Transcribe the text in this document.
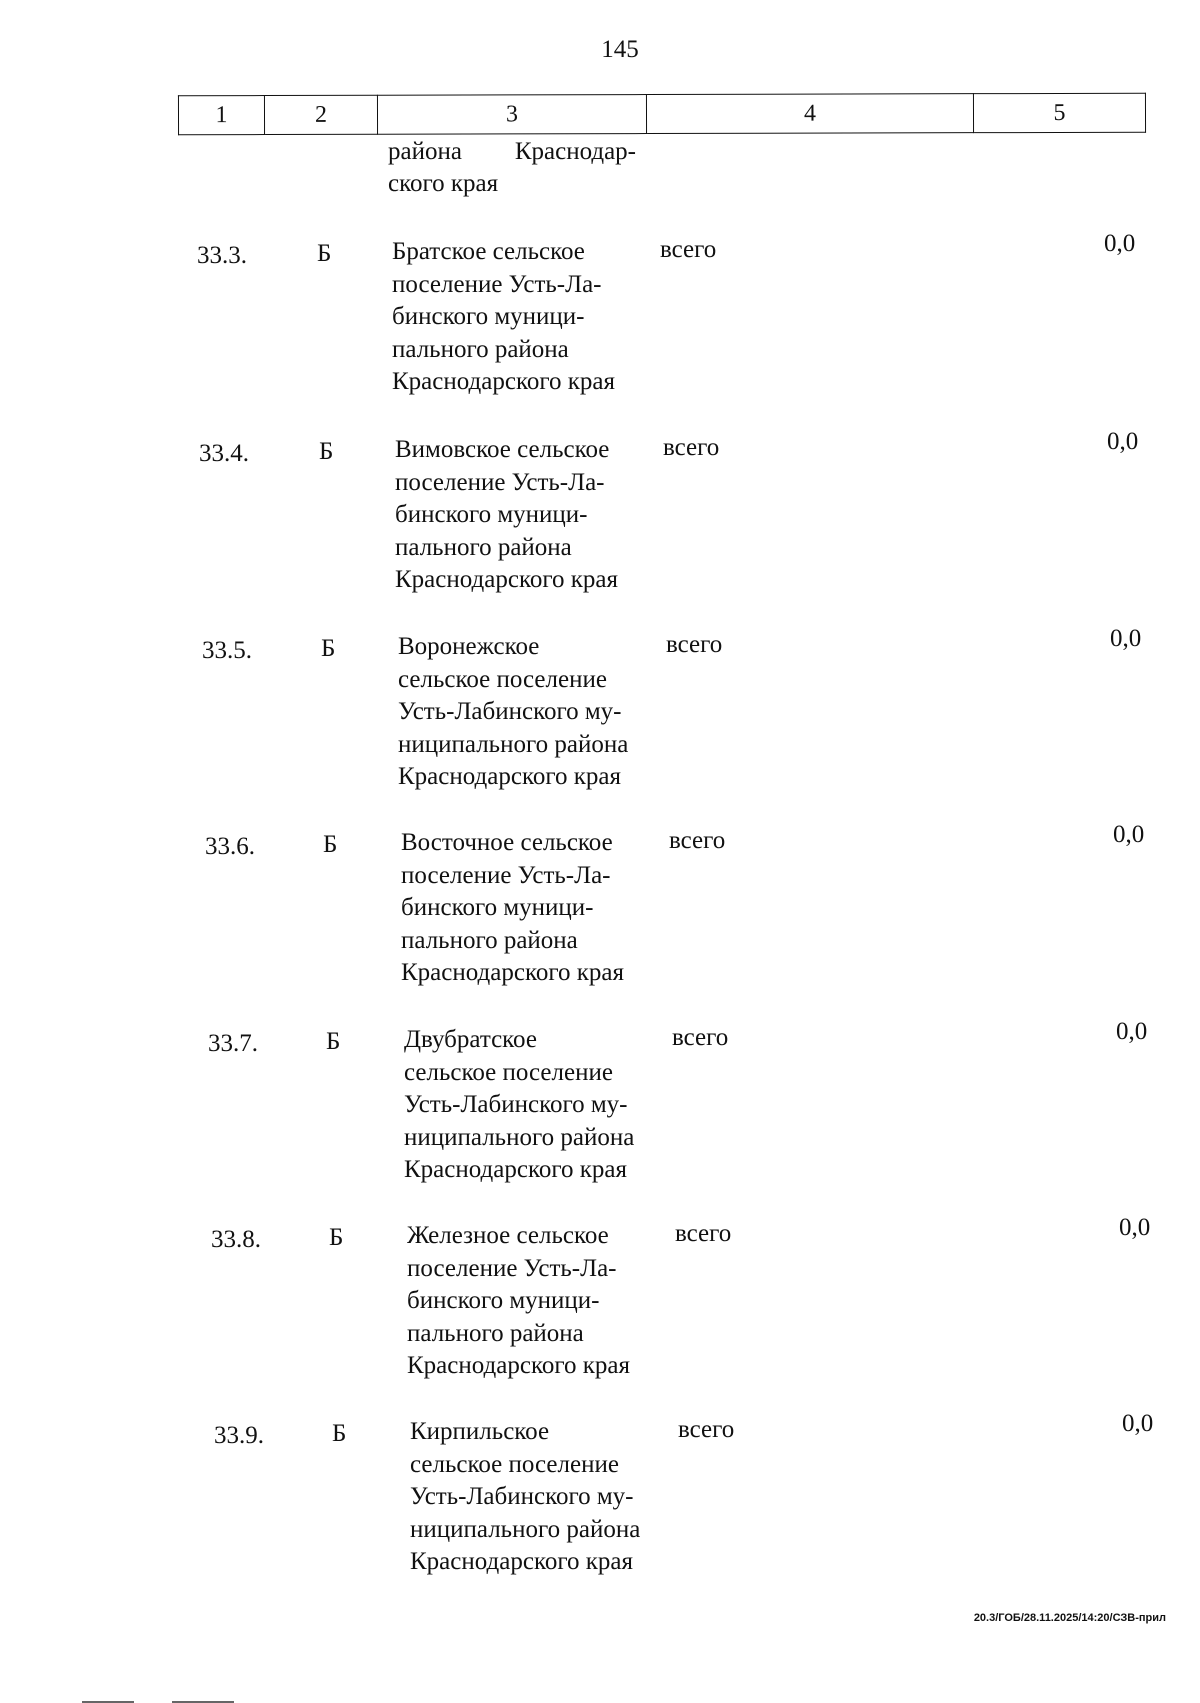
145
1	2	3	4	5
района Краснодар-
ского края
33.3.	Б Братское сельское
поселение Усть-Ла-
бинского муници-
пального района
Краснодарского края
всего	0,0
33.4.	Б Вимовское сельское
поселение Усть-Ла-
бинского муници-
пального района
Краснодарского края
всего	0,0
33.5.	Б	Воронежское
сельское поселение
Усть-Лабинского му-
ниципального района
Краснодарского края
всего	0,0
33.6.	Б	Восточное сельское
поселение Усть-Ла-
бинского муници-
пального района
Краснодарского края
всего	0,0
33.7.	Б	Двубратское
сельское поселение
Усть-Лабинского му-
ниципального района
Краснодарского края
всего	0,0
33.8.	Б	Железное сельское
поселение Усть-Ла-
бинского муници-
пального района
Краснодарского края
всего	0,0
33.9.	Б	Кирпильское
сельское поселение
Усть-Лабинского му-
ниципального района
Краснодарского края
всего	0,0
20.3/ГОБ/28.11.2025/14:20/СЗВ-прил
